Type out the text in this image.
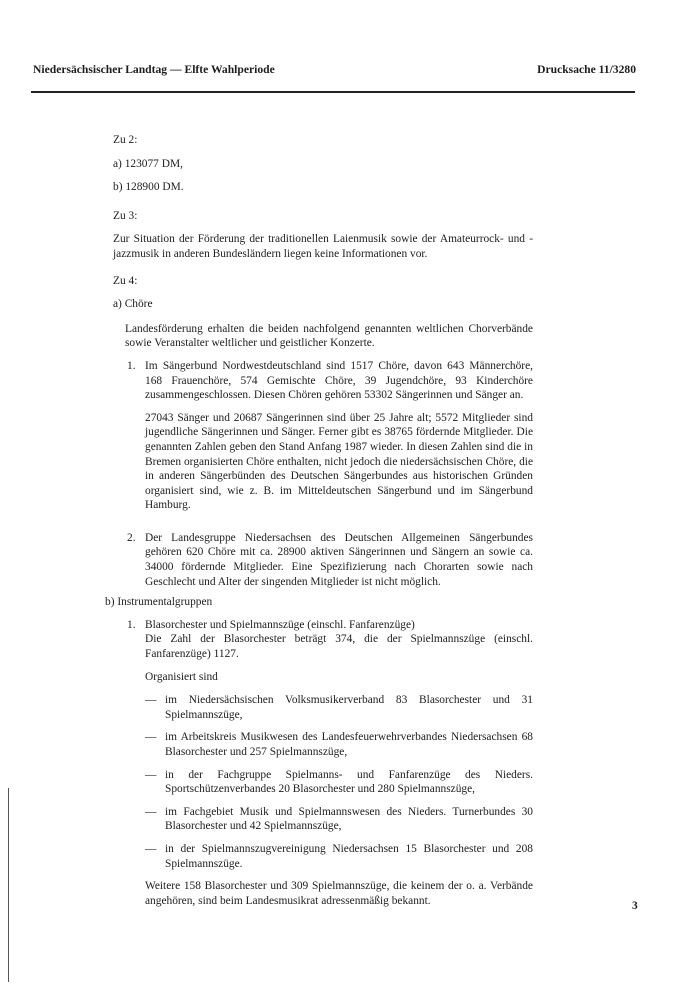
Niedersächsischer Landtag — Elfte Wahlperiode	Drucksache 11/3280

Zu 2:

a) 123077 DM,

b) 128900 DM.

Zu 3:

Zur Situation der Förderung der traditionellen Laienmusik sowie der Amateurrock- und -jazzmusik in anderen Bundesländern liegen keine Informationen vor.

Zu 4:

a) Chöre

Landesförderung erhalten die beiden nachfolgend genannten weltlichen Chorverbände sowie Veranstalter weltlicher und geistlicher Konzerte.

1. Im Sängerbund Nordwestdeutschland sind 1517 Chöre, davon 643 Männerchöre, 168 Frauenchöre, 574 Gemischte Chöre, 39 Jugendchöre, 93 Kinderchöre zusammengeschlossen. Diesen Chören gehören 53302 Sängerinnen und Sänger an.

27043 Sänger und 20687 Sängerinnen sind über 25 Jahre alt; 5572 Mitglieder sind jugendliche Sängerinnen und Sänger. Ferner gibt es 38765 fördernde Mitglieder. Die genannten Zahlen geben den Stand Anfang 1987 wieder. In diesen Zahlen sind die in Bremen organisierten Chöre enthalten, nicht jedoch die niedersächsischen Chöre, die in anderen Sängerbünden des Deutschen Sängerbundes aus historischen Gründen organisiert sind, wie z. B. im Mitteldeutschen Sängerbund und im Sängerbund Hamburg.

2. Der Landesgruppe Niedersachsen des Deutschen Allgemeinen Sängerbundes gehören 620 Chöre mit ca. 28900 aktiven Sängerinnen und Sängern an sowie ca. 34000 fördernde Mitglieder. Eine Spezifizierung nach Chorarten sowie nach Geschlecht und Alter der singenden Mitglieder ist nicht möglich.

b) Instrumentalgruppen

1. Blasorchester und Spielmannszüge (einschl. Fanfarenzüge)

Die Zahl der Blasorchester beträgt 374, die der Spielmannszüge (einschl. Fanfarenzüge) 1127.

Organisiert sind

— im Niedersächsischen Volksmusikerverband 83 Blasorchester und 31 Spielmannszüge,

— im Arbeitskreis Musikwesen des Landesfeuerwehrverbandes Niedersachsen 68 Blasorchester und 257 Spielmannszüge,

— in der Fachgruppe Spielmanns- und Fanfarenzüge des Nieders. Sportschützenverbandes 20 Blasorchester und 280 Spielmannszüge,

— im Fachgebiet Musik und Spielmannswesen des Nieders. Turnerbundes 30 Blasorchester und 42 Spielmannszüge,

— in der Spielmannszugvereinigung Niedersachsen 15 Blasorchester und 208 Spielmannszüge.

Weitere 158 Blasorchester und 309 Spielmannszüge, die keinem der o. a. Verbände angehören, sind beim Landesmusikrat adressenmäßig bekannt.	3
